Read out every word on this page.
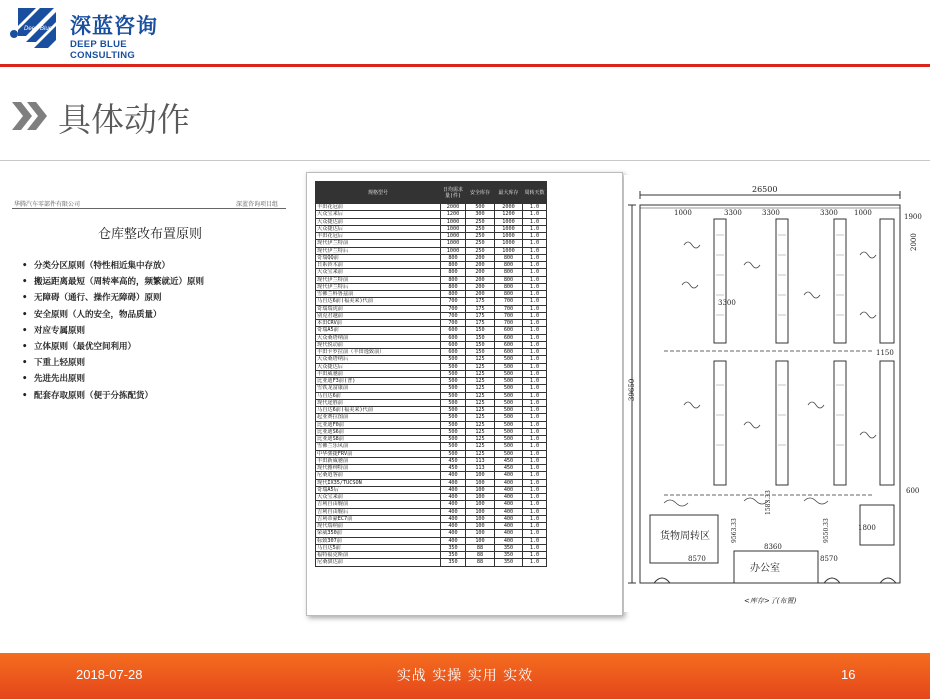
Deep Blue 深蓝咨询
DEEP BLUE CONSULTING
具体动作
华腾汽车零部件有限公司	深蓝咨询项目组
仓库整改布置原则
• 分类分区原则（特性相近集中存放）
• 搬运距离最短（周转率高的，频繁就近）原则
• 无障碍（通行、操作无障碍）原则
• 安全原则（人的安全，物品质量）
• 对应专属原则
• 立体原则（最优空间利用）
• 下重上轻原则
• 先进先出原则
• 配套存取原则（便于分拣配货）
规格型号	日均需求量(件)	安全库存	最大库存	周转天数
丰田花冠前	2000	500	2000	1.0
大众宝来后	1200	300	1200	1.0
大众捷达前	1000	250	1000	1.0
大众捷达后	1000	250	1000	1.0
丰田花冠后	1000	250	1000	1.0
现代伊兰特前	1000	250	1000	1.0
现代伊兰特后	1000	250	1000	1.0
奇瑞QQ前	800	200	800	1.0
日系铃木前	800	200	800	1.0
大众宝来前	800	200	800	1.0
现代伊兰特前	800	200	800	1.0
现代伊兰特后	800	200	800	1.0
雪佛兰科鲁兹前	800	200	800	1.0
马自达6前(福美来)代前	700	175	700	1.0
奇瑞瑞虎前	700	175	700	1.0
别克君越前	700	175	700	1.0
本田CRV前	700	175	700	1.0
奇瑞A5前	600	150	600	1.0
大众桑塔纳前	600	150	600	1.0
现代悦动前	600	150	600	1.0
丰田卡罗拉前（丰田逸致前）	600	150	600	1.0
大众桑塔纳后	500	125	500	1.0
大众捷达后	500	125	500	1.0
丰田威驰前	500	125	500	1.0
比亚迪F3前(普)	500	125	500	1.0
雪铁龙富康前	500	125	500	1.0
马自达6前	500	125	500	1.0
现代途胜前	500	125	500	1.0
马自达6前(福美来)代前	500	125	500	1.0
起亚赛拉图前	500	125	500	1.0
比亚迪F0前	500	125	500	1.0
比亚迪S6前	500	125	500	1.0
比亚迪S8前	500	125	500	1.0
雪佛兰乐风前	500	125	500	1.0
中华骏捷FRV前	500	125	500	1.0
丰田新威驰前	450	113	450	1.0
现代雅绅特前	450	113	450	1.0
尼桑逍客前	400	100	400	1.0
现代IX35/TUCSON	400	100	400	1.0
奇瑞A5后	400	100	400	1.0
大众宝来前	400	100	400	1.0
吉利自由舰前	400	100	400	1.0
吉利自由舰后	400	100	400	1.0
吉利帝豪EC7前	400	100	400	1.0
现代瑞纳前	400	100	400	1.0
荣威350前	400	100	400	1.0
标致307前	400	100	400	1.0
马自达5前	350	88	350	1.0
福特福克斯前	350	88	350	1.0
尼桑骐达前	350	88	350	1.0
26500
39650
1000	3300	3300	3300 1000	1900
2000
3300
1150
600
1800
8360
8570	8570
9563.33	9550.33
1583.33
货物周转区
办公室
<库存>了(布置)
2018-07-28	实战 实操 实用 实效	16
